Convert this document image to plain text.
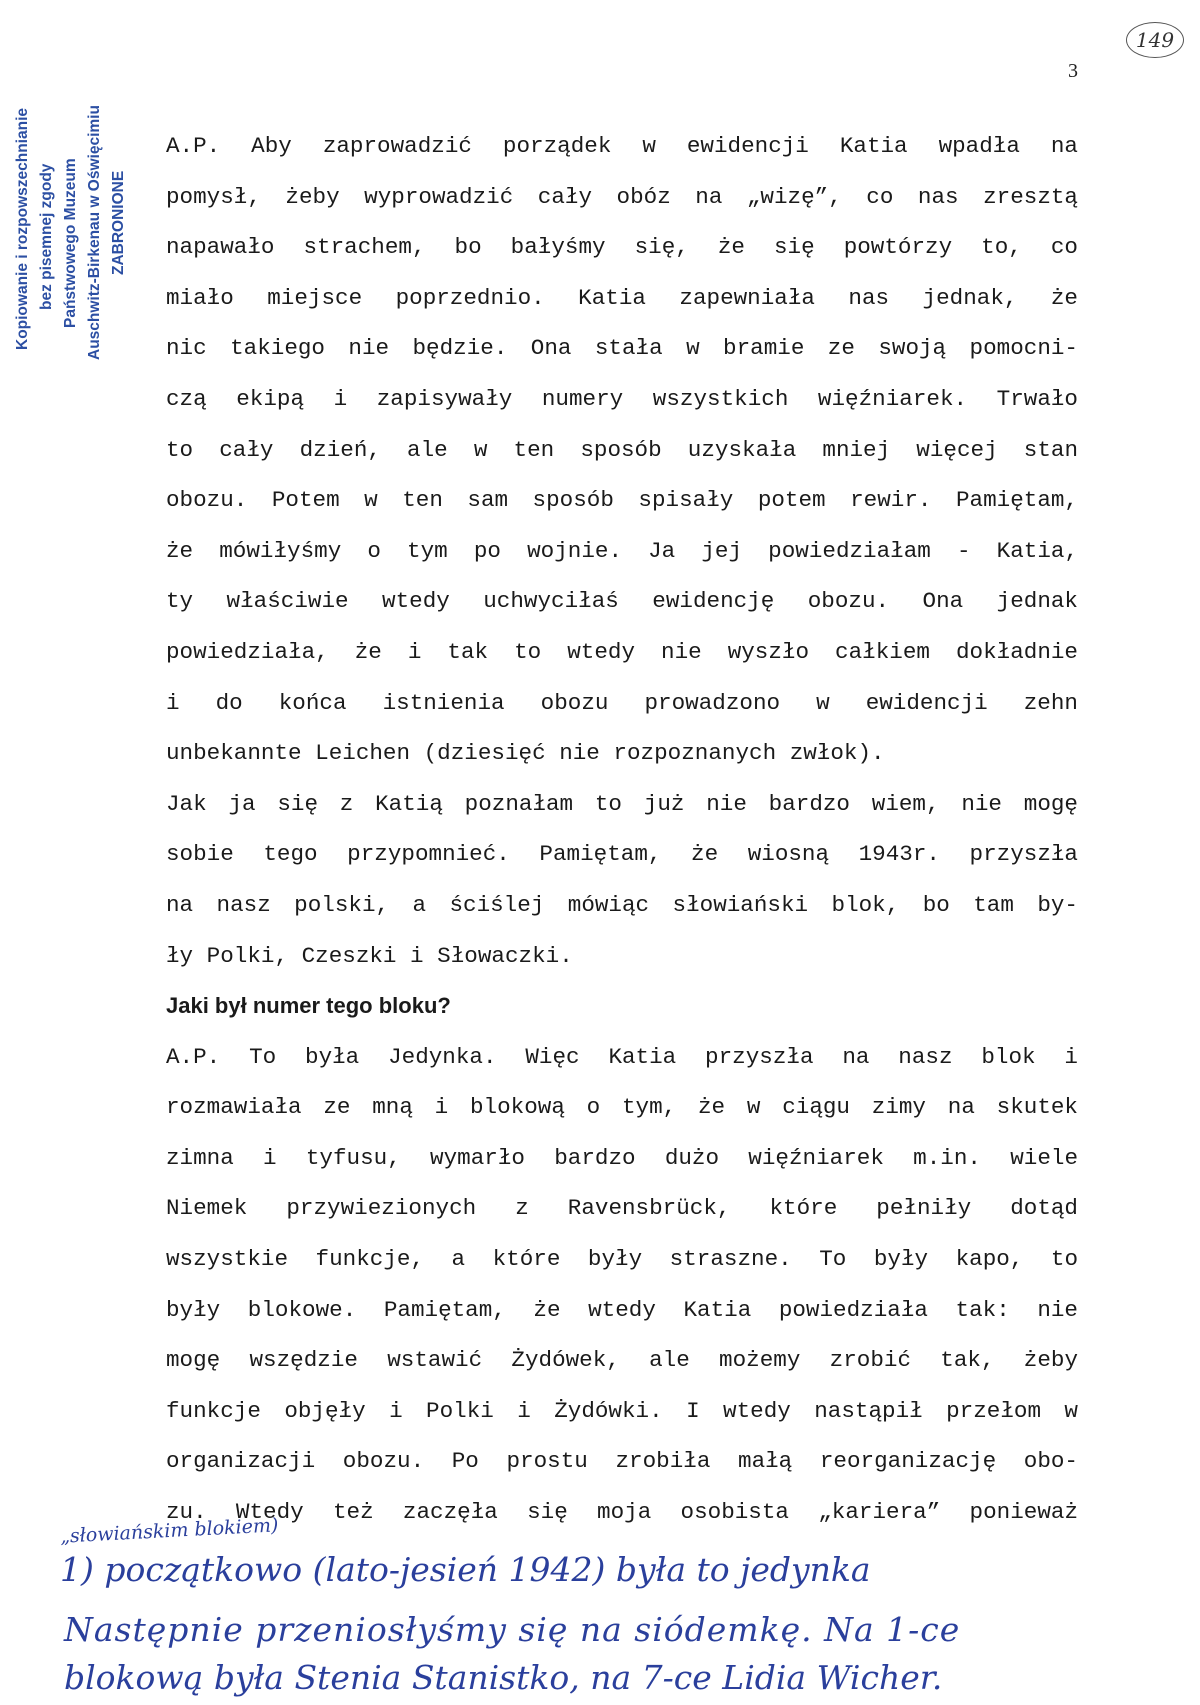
Kopiowanie i rozpowszechnianie bez pisemnej zgody Państwowego Muzeum Auschwitz-Birkenau w Oświęcimiu ZABRONIONE
149
3

A.P. Aby zaprowadzić porządek w ewidencji Katia wpadła na

pomysł, żeby wyprowadzić cały obóz na „wizę”, co nas zresztą

napawało strachem, bo bałyśmy się, że się powtórzy to, co

miało miejsce poprzednio. Katia zapewniała nas jednak, że

nic takiego nie będzie. Ona stała w bramie ze swoją pomocni-

czą ekipą i zapisywały numery wszystkich więźniarek. Trwało

to cały dzień, ale w ten sposób uzyskała mniej więcej stan

obozu. Potem w ten sam sposób spisały potem rewir. Pamiętam,

że mówiłyśmy o tym po wojnie. Ja jej powiedziałam - Katia,

ty właściwie wtedy uchwyciłaś ewidencję obozu. Ona jednak

powiedziała, że i tak to wtedy nie wyszło całkiem dokładnie

i do końca istnienia obozu prowadzono w ewidencji zehn

unbekannte Leichen (dziesięć nie rozpoznanych zwłok).

Jak ja się z Katią poznałam to już nie bardzo wiem, nie mogę

sobie tego przypomnieć. Pamiętam, że wiosną 1943r. przyszła

na nasz polski, a ściślej mówiąc słowiański blok, bo tam by-

ły Polki, Czeszki i Słowaczki.

Jaki był numer tego bloku?

A.P. To była Jedynka. Więc Katia przyszła na nasz blok i

rozmawiała ze mną i blokową o tym, że w ciągu zimy na skutek

zimna i tyfusu, wymarło bardzo dużo więźniarek m.in. wiele

Niemek przywiezionych z Ravensbrück, które pełniły dotąd

wszystkie funkcje, a które były straszne. To były kapo, to

były blokowe. Pamiętam, że wtedy Katia powiedziała tak: nie

mogę wszędzie wstawić Żydówek, ale możemy zrobić tak, żeby

funkcje objęły i Polki i Żydówki. I wtedy nastąpił przełom w

organizacji obozu. Po prostu zrobiła małą reorganizację obo-

zu. Wtedy też zaczęła się moja osobista „kariera” ponieważ

„słowiańskim blokiem)
1) początkowo (lato-jesień 1942) była to jedynka
Następnie przeniosłyśmy się na siódemkę. Na 1-ce
blokową była Stenia Stanistko, na 7-ce Lidia Wicher.
